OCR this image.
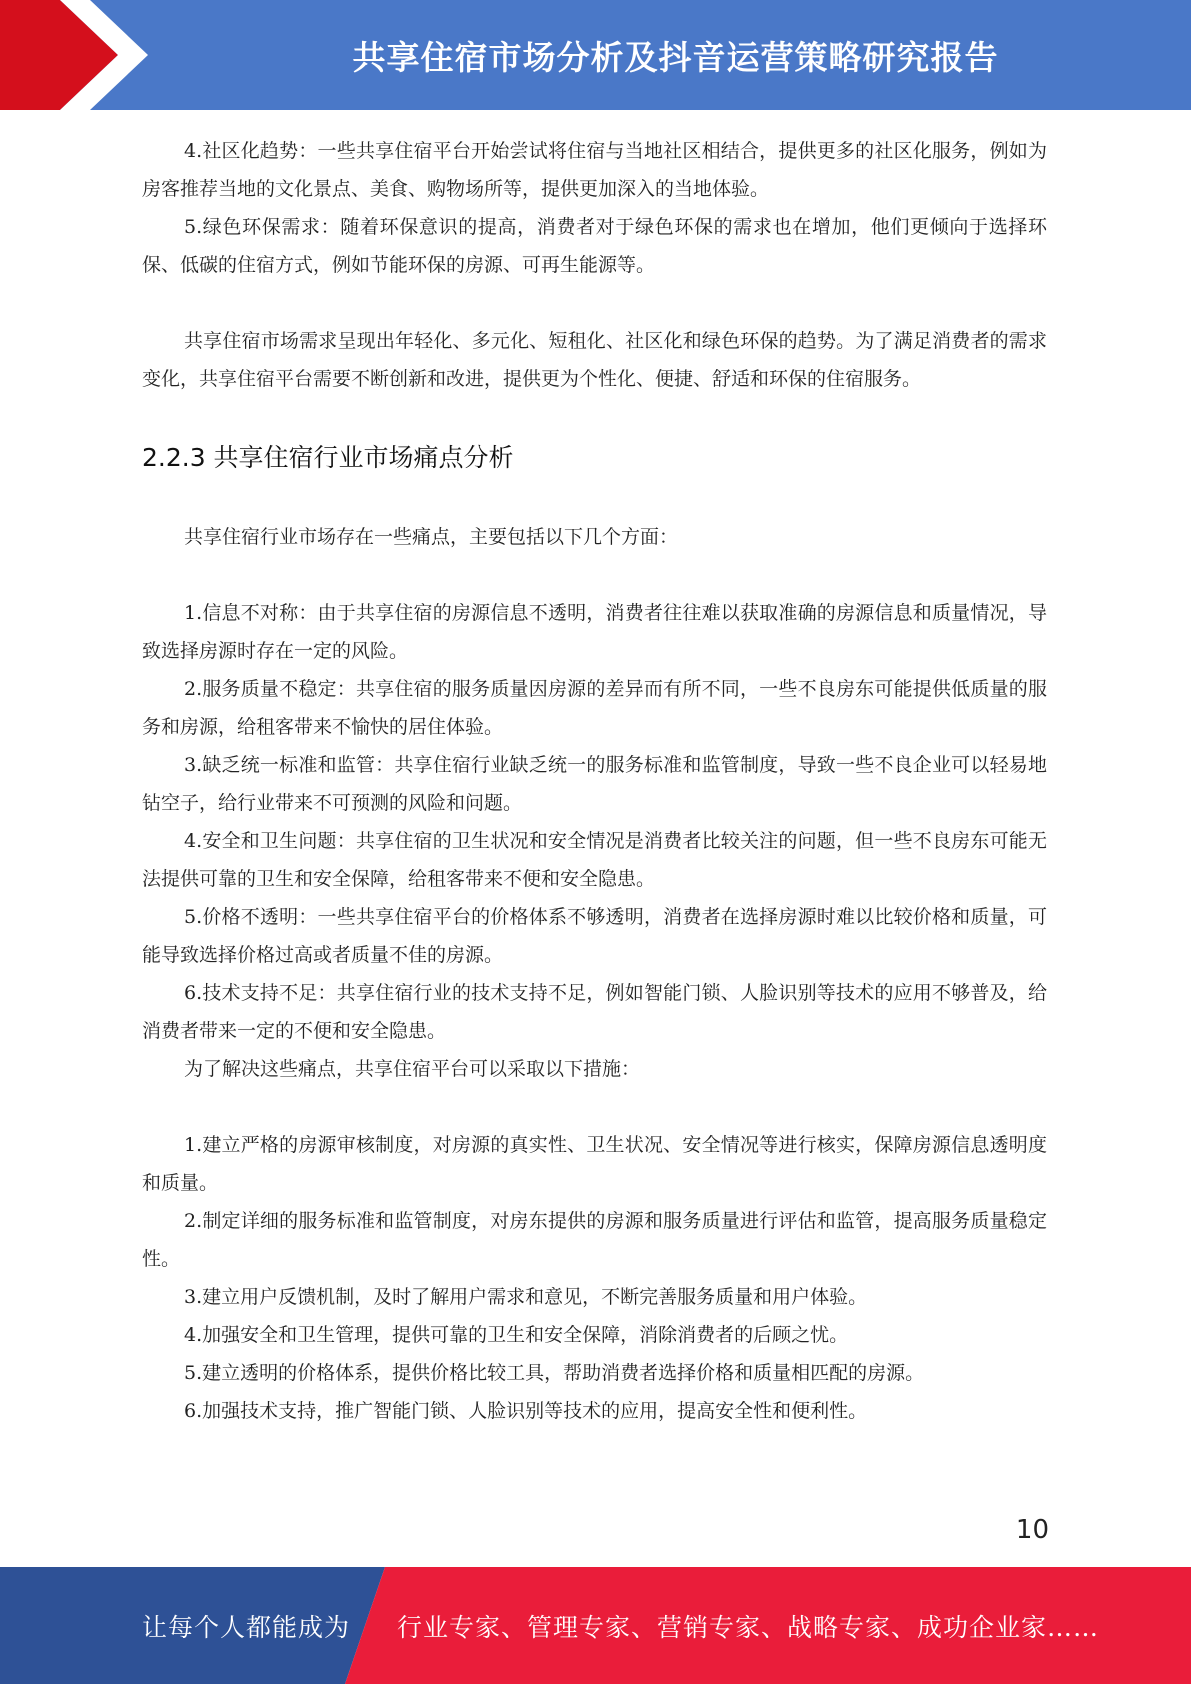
共享住宿市场分析及抖音运营策略研究报告

4.社区化趋势：一些共享住宿平台开始尝试将住宿与当地社区相结合，提供更多的社区化服务，例如为房客推荐当地的文化景点、美食、购物场所等，提供更加深入的当地体验。

5.绿色环保需求：随着环保意识的提高，消费者对于绿色环保的需求也在增加，他们更倾向于选择环保、低碳的住宿方式，例如节能环保的房源、可再生能源等。

共享住宿市场需求呈现出年轻化、多元化、短租化、社区化和绿色环保的趋势。为了满足消费者的需求变化，共享住宿平台需要不断创新和改进，提供更为个性化、便捷、舒适和环保的住宿服务。

2.2.3 共享住宿行业市场痛点分析

共享住宿行业市场存在一些痛点，主要包括以下几个方面：

1.信息不对称：由于共享住宿的房源信息不透明，消费者往往难以获取准确的房源信息和质量情况，导致选择房源时存在一定的风险。

2.服务质量不稳定：共享住宿的服务质量因房源的差异而有所不同，一些不良房东可能提供低质量的服务和房源，给租客带来不愉快的居住体验。

3.缺乏统一标准和监管：共享住宿行业缺乏统一的服务标准和监管制度，导致一些不良企业可以轻易地钻空子，给行业带来不可预测的风险和问题。

4.安全和卫生问题：共享住宿的卫生状况和安全情况是消费者比较关注的问题，但一些不良房东可能无法提供可靠的卫生和安全保障，给租客带来不便和安全隐患。

5.价格不透明：一些共享住宿平台的价格体系不够透明，消费者在选择房源时难以比较价格和质量，可能导致选择价格过高或者质量不佳的房源。

6.技术支持不足：共享住宿行业的技术支持不足，例如智能门锁、人脸识别等技术的应用不够普及，给消费者带来一定的不便和安全隐患。

为了解决这些痛点，共享住宿平台可以采取以下措施：

1.建立严格的房源审核制度，对房源的真实性、卫生状况、安全情况等进行核实，保障房源信息透明度和质量。

2.制定详细的服务标准和监管制度，对房东提供的房源和服务质量进行评估和监管，提高服务质量稳定性。

3.建立用户反馈机制，及时了解用户需求和意见，不断完善服务质量和用户体验。

4.加强安全和卫生管理，提供可靠的卫生和安全保障，消除消费者的后顾之忧。

5.建立透明的价格体系，提供价格比较工具，帮助消费者选择价格和质量相匹配的房源。

6.加强技术支持，推广智能门锁、人脸识别等技术的应用，提高安全性和便利性。

10
让每个人都能成为 行业专家、管理专家、营销专家、战略专家、成功企业家……
